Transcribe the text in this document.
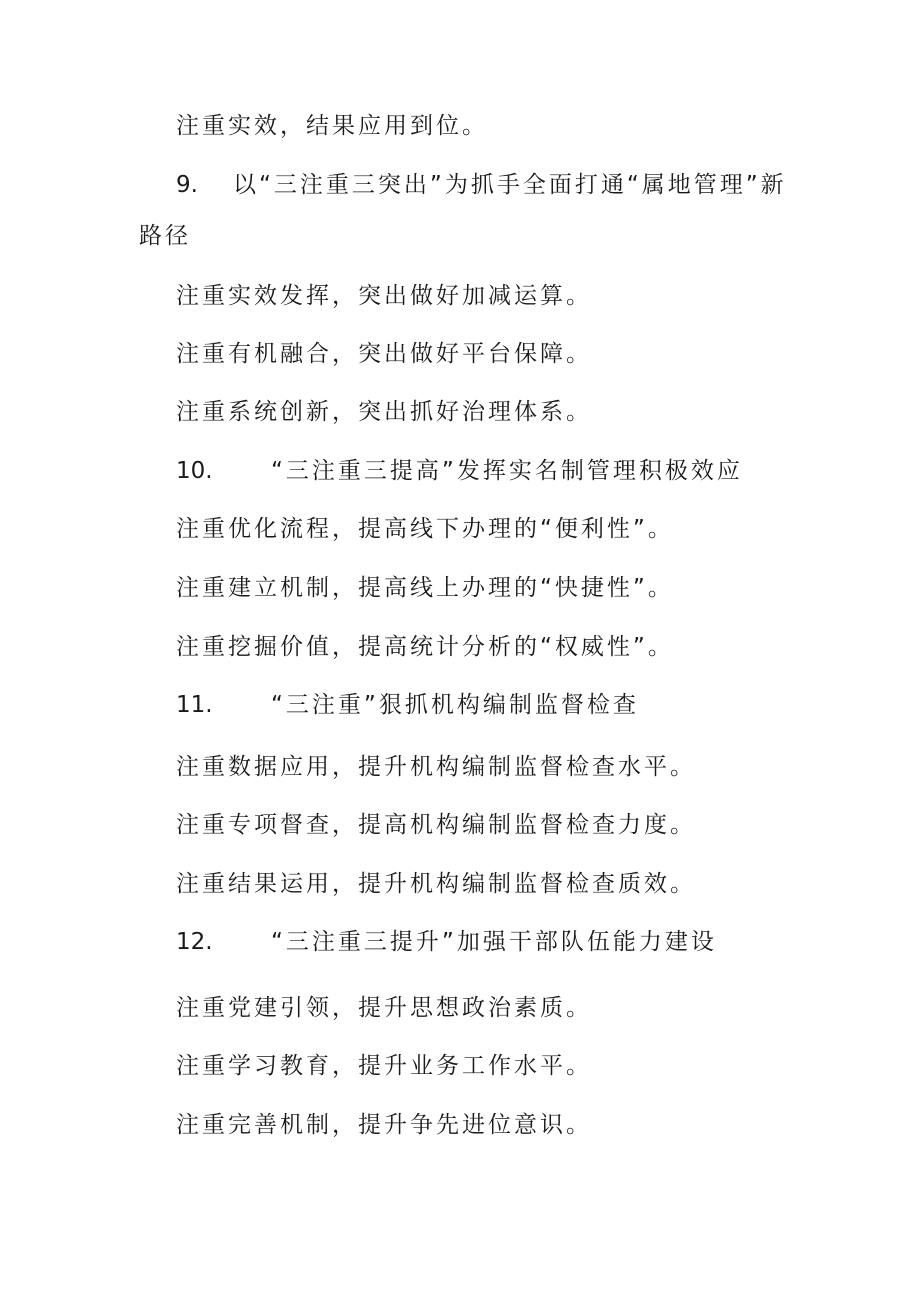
注重实效，结果应用到位。
9. 以“三注重三突出”为抓手全面打通“属地管理”新
路径
注重实效发挥，突出做好加减运算。
注重有机融合，突出做好平台保障。
注重系统创新，突出抓好治理体系。
10.	“三注重三提高”发挥实名制管理积极效应
注重优化流程，提高线下办理的“便利性”。
注重建立机制，提高线上办理的“快捷性”。
注重挖掘价值，提高统计分析的“权威性”。
11.	“三注重”狠抓机构编制监督检查
注重数据应用，提升机构编制监督检查水平。
注重专项督查，提高机构编制监督检查力度。
注重结果运用，提升机构编制监督检查质效。
12.	“三注重三提升”加强干部队伍能力建设
注重党建引领，提升思想政治素质。
注重学习教育，提升业务工作水平。
注重完善机制，提升争先进位意识。
